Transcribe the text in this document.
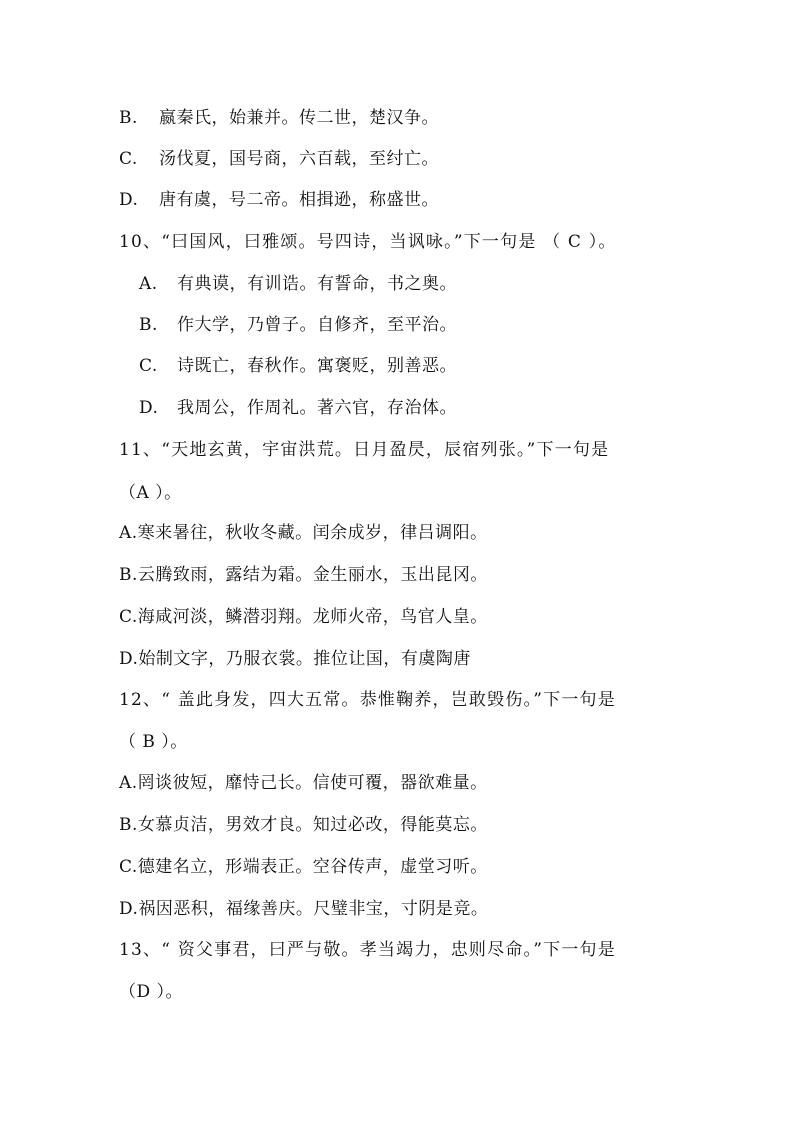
B. 嬴秦氏，始兼并。传二世，楚汉争。
C. 汤伐夏，国号商，六百载，至纣亡。
D. 唐有虞，号二帝。相揖逊，称盛世。
10、“曰国风，曰雅颂。号四诗，当讽咏。”下一句是 （ C ）。
A. 有典谟，有训诰。有誓命，书之奥。
B. 作大学，乃曾子。自修齐，至平治。
C. 诗既亡，春秋作。寓褒贬，别善恶。
D. 我周公，作周礼。著六官，存治体。
11、“天地玄黄，宇宙洪荒。日月盈昃，辰宿列张。”下一句是
（A ）。
A.寒来暑往，秋收冬藏。闰余成岁，律吕调阳。
B.云腾致雨，露结为霜。金生丽水，玉出昆冈。
C.海咸河淡，鳞潜羽翔。龙师火帝，鸟官人皇。
D.始制文字，乃服衣裳。推位让国，有虞陶唐
12、“ 盖此身发，四大五常。恭惟鞠养，岂敢毁伤。”下一句是
（ B ）。
A.罔谈彼短，靡恃己长。信使可覆，器欲难量。
B.女慕贞洁，男效才良。知过必改，得能莫忘。
C.德建名立，形端表正。空谷传声，虚堂习听。
D.祸因恶积，福缘善庆。尺璧非宝，寸阴是竞。
13、“ 资父事君，曰严与敬。孝当竭力，忠则尽命。”下一句是
（D ）。
